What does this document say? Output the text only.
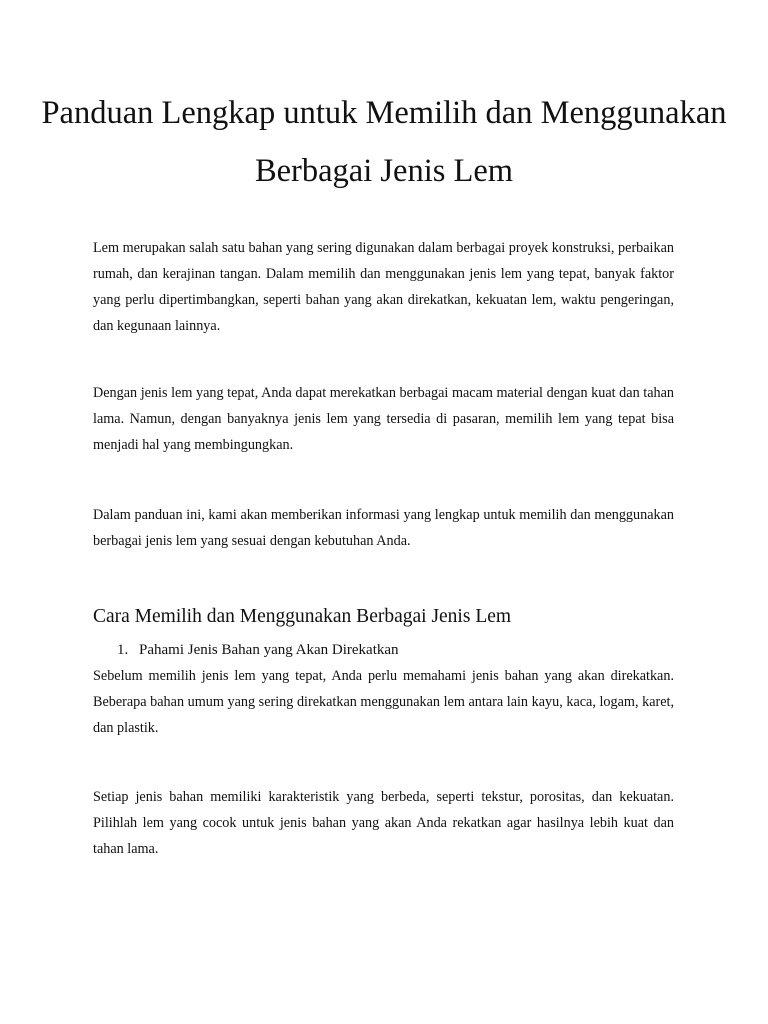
Panduan Lengkap untuk Memilih dan Menggunakan Berbagai Jenis Lem

Lem merupakan salah satu bahan yang sering digunakan dalam berbagai proyek konstruksi, perbaikan rumah, dan kerajinan tangan. Dalam memilih dan menggunakan jenis lem yang tepat, banyak faktor yang perlu dipertimbangkan, seperti bahan yang akan direkatkan, kekuatan lem, waktu pengeringan, dan kegunaan lainnya.

Dengan jenis lem yang tepat, Anda dapat merekatkan berbagai macam material dengan kuat dan tahan lama. Namun, dengan banyaknya jenis lem yang tersedia di pasaran, memilih lem yang tepat bisa menjadi hal yang membingungkan.

Dalam panduan ini, kami akan memberikan informasi yang lengkap untuk memilih dan menggunakan berbagai jenis lem yang sesuai dengan kebutuhan Anda.

Cara Memilih dan Menggunakan Berbagai Jenis Lem
1. Pahami Jenis Bahan yang Akan Direkatkan

Sebelum memilih jenis lem yang tepat, Anda perlu memahami jenis bahan yang akan direkatkan. Beberapa bahan umum yang sering direkatkan menggunakan lem antara lain kayu, kaca, logam, karet, dan plastik.

Setiap jenis bahan memiliki karakteristik yang berbeda, seperti tekstur, porositas, dan kekuatan. Pilihlah lem yang cocok untuk jenis bahan yang akan Anda rekatkan agar hasilnya lebih kuat dan tahan lama.
